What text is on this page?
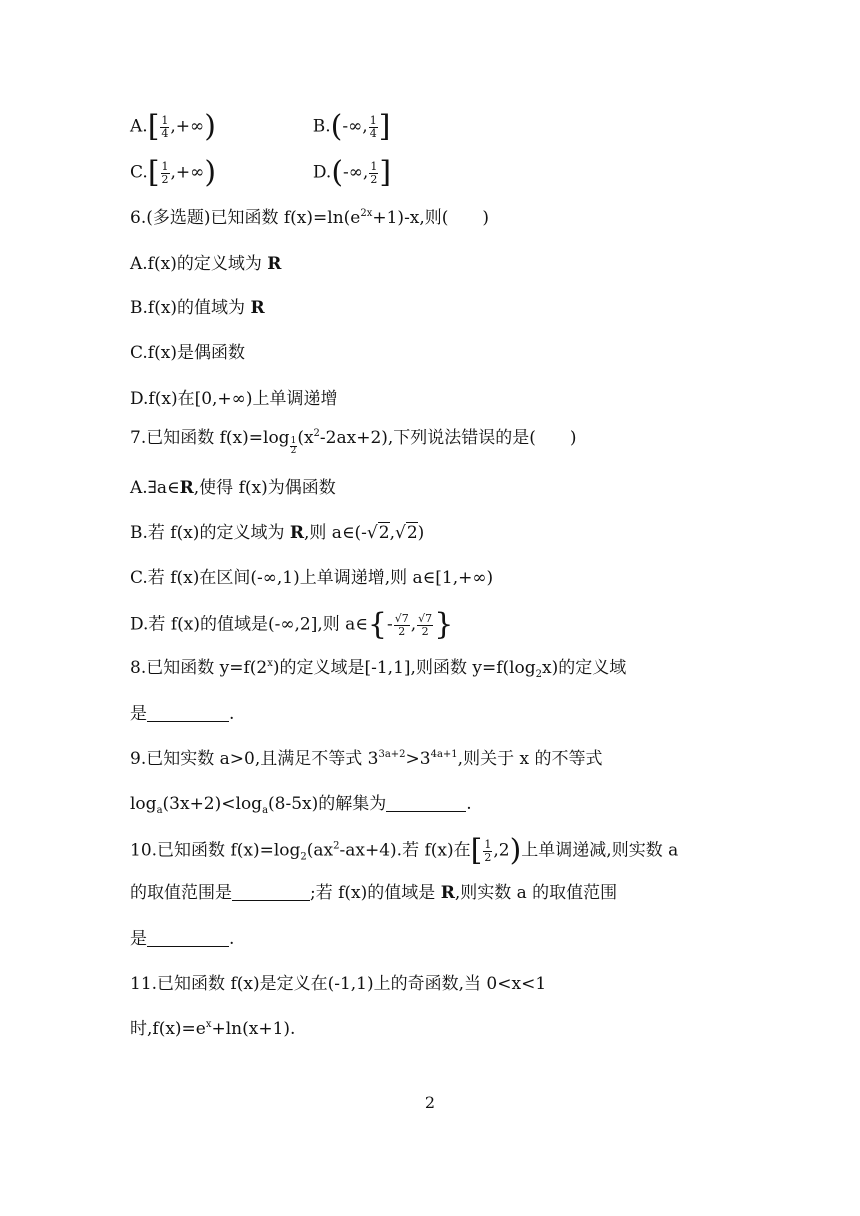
$A.[ \frac{1}{4}$ ,+∞)	B.(-∞, $\frac{1}{4}$ ]
$C.[ \frac{1}{2}$ ,+∞)	D.(-∞, $\frac{1}{2}$ ]
6.(多选题)已知函数 $f(x)=\ln(e^{2x}+1)-x$,则(　　)
A.f(x)的定义域为 R
B.f(x)的值域为 R
C.f(x)是偶函数
D.f(x)在[0,+∞)上单调递增
7.已知函数 $f(x)=\log \frac{1}{2} (x^2-2ax+2)$,下列说法错误的是(　　)
A.∃a∈R,使得 f(x)为偶函数
B.若 f(x)的定义域为 R,则 a∈(-√2,√2)
C.若 f(x)在区间(-∞,1)上单调递增,则 a∈[1,+∞)
D.若 f(x)的值域是(-∞,2],则 a∈{- $\frac{√7}{2}$ , $\frac{√7}{2}$ }
8.已知函数 $y=f(2^x)$的定义域是[-1,1],则函数 $y=f(\log_2x)$的定义域
是	.
9.已知实数 a>0,且满足不等式 $3^{3a+2}>3^{4a+1}$,则关于 x 的不等式
$\log_a(3x+2)<\log_a(8-5x)$的解集为	.
10.已知函数 $f(x)=\log_2(ax^2-ax+4)$.若 f(x)在[ $\frac{1}{2} ,2$)上单调递减,则实数 a
的取值范围是	;若 f(x)的值域是 R,则实数 a 的取值范围
是	.
11.已知函数 f(x)是定义在(-1,1)上的奇函数,当 0<x<1
时$,f(x)=e^x+\ln(x+1)$.
2
